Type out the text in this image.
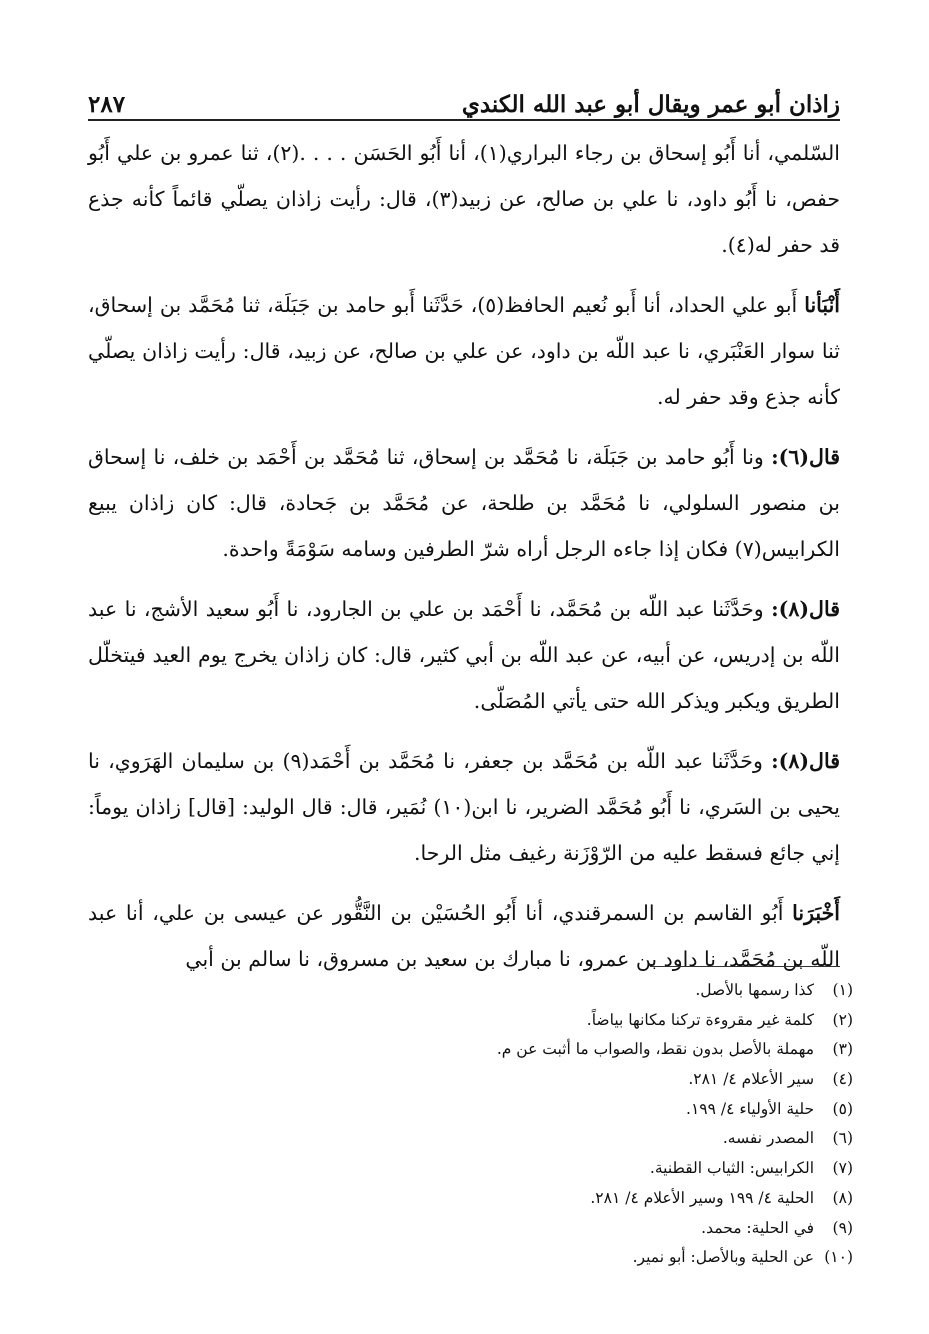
٢٨٧	زاذان أبو عمر ويقال أبو عبد الله الكندي

السّلمي، أنا أَبُو إسحاق بن رجاء البراري(١)، أنا أَبُو الحَسَن . . . .(٢)، ثنا عمرو بن علي أَبُو حفص، نا أَبُو داود، نا علي بن صالح، عن زبيد(٣)، قال: رأيت زاذان يصلّي قائماً كأنه جذع قد حفر له(٤).

أَنْبَأنا أَبو علي الحداد، أنا أَبو نُعيم الحافظ(٥)، حَدَّثَنا أَبو حامد بن جَبَلَة، ثنا مُحَمَّد بن إسحاق، ثنا سوار العَنْبَري، نا عبد اللّه بن داود، عن علي بن صالح، عن زبيد، قال: رأيت زاذان يصلّي كأنه جذع وقد حفر له.

قال(٦): ونا أَبُو حامد بن جَبَلَة، نا مُحَمَّد بن إسحاق، ثنا مُحَمَّد بن أَحْمَد بن خلف، نا إسحاق بن منصور السلولي، نا مُحَمَّد بن طلحة، عن مُحَمَّد بن جَحادة، قال: كان زاذان يبيع الكرابيس(٧) فكان إذا جاءه الرجل أراه شرّ الطرفين وسامه سَوْمَةً واحدة.

قال(٨): وحَدَّثَنا عبد اللّه بن مُحَمَّد، نا أَحْمَد بن علي بن الجارود، نا أَبُو سعيد الأشج، نا عبد اللّه بن إدريس، عن أبيه، عن عبد اللّه بن أبي كثير، قال: كان زاذان يخرج يوم العيد فيتخلّل الطريق ويكبر ويذكر الله حتى يأتي المُصَلّى.

قال(٨): وحَدَّثَنا عبد اللّه بن مُحَمَّد بن جعفر، نا مُحَمَّد بن أَحْمَد(٩) بن سليمان الهَرَوي، نا يحيى بن السَري، نا أَبُو مُحَمَّد الضرير، نا ابن(١٠) نُمَير، قال: قال الوليد: [قال] زاذان يوماً: إني جائع فسقط عليه من الرّوْزَنة رغيف مثل الرحا.

أَخْبَرَنا أَبُو القاسم بن السمرقندي، أنا أَبُو الحُسَيْن بن النَّقُّور عن عيسى بن علي، أنا عبد اللّه بن مُحَمَّد، نا داود بن عمرو، نا مبارك بن سعيد بن مسروق، نا سالم بن أبي

(١) كذا رسمها بالأصل.
(٢) كلمة غير مقروءة تركنا مكانها بياضاً.
(٣) مهملة بالأصل بدون نقط، والصواب ما أثبت عن م.
(٤) سير الأعلام ٤/ ٢٨١.
(٥) حلية الأولياء ٤/ ١٩٩.
(٦) المصدر نفسه.
(٧) الكرابيس: الثياب القطنية.
(٨) الحلية ٤/ ١٩٩ وسير الأعلام ٤/ ٢٨١.
(٩) في الحلية: محمد.
(١٠) عن الحلية وبالأصل: أبو نمير.
